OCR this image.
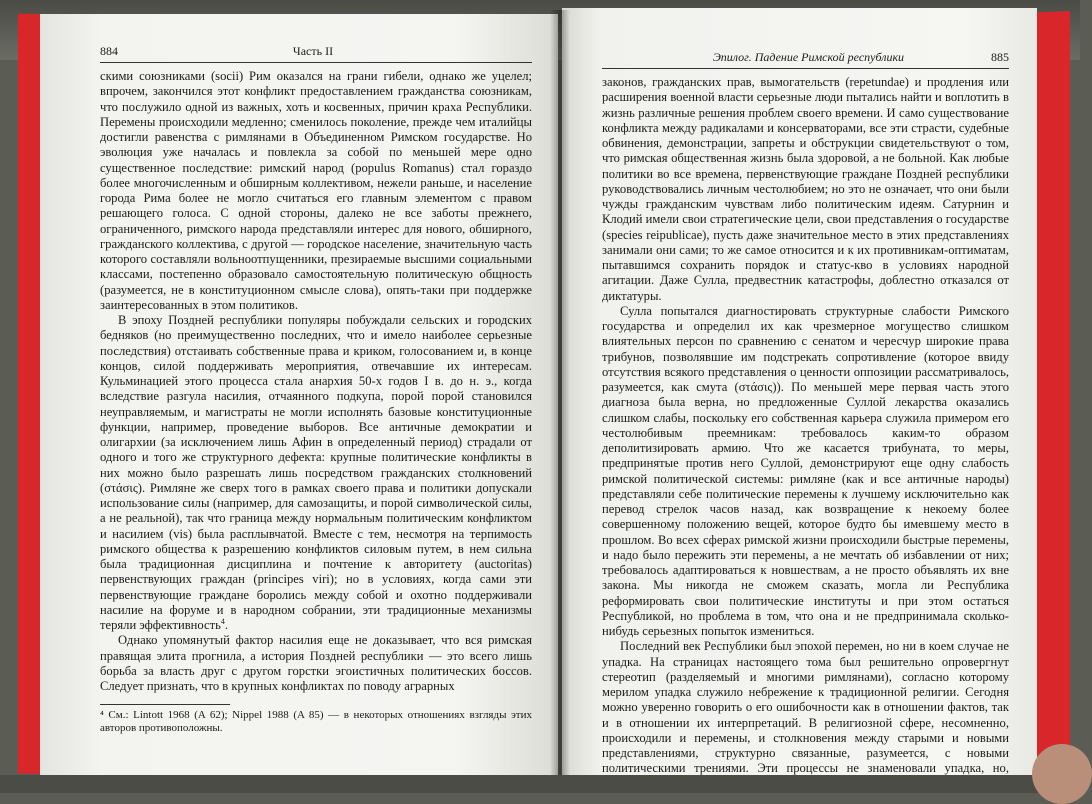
884	Часть II

скими союзниками (socii) Рим оказался на грани гибели, однако же уцелел; впрочем, закончился этот конфликт предоставлением гражданства союзникам, что послужило одной из важных, хоть и косвенных, причин краха Республики. Перемены происходили медленно; сменилось поколение, прежде чем италийцы достигли равенства с римлянами в Объединенном Римском государстве. Но эволюция уже началась и повлекла за собой по меньшей мере одно существенное последствие: римский народ (populus Romanus) стал гораздо более многочисленным и обширным коллективом, нежели раньше, и население города Рима более не могло считаться его главным элементом с правом решающего голоса. С одной стороны, далеко не все заботы прежнего, ограниченного, римского народа представляли интерес для нового, обширного, гражданского коллектива, с другой — городское население, значительную часть которого составляли вольноотпущенники, презираемые высшими социальными классами, постепенно образовало самостоятельную политическую общность (разумеется, не в конституционном смысле слова), опять-таки при поддержке заинтересованных в этом политиков.

В эпоху Поздней республики популяры побуждали сельских и городских бедняков (но преимущественно последних, что и имело наиболее серьезные последствия) отстаивать собственные права и криком, голосованием и, в конце концов, силой поддерживать мероприятия, отвечавшие их интересам. Кульминацией этого процесса стала анархия 50-х годов I в. до н. э., когда вследствие разгула насилия, отчаянного подкупа, порой порой становился неуправляемым, и магистраты не могли исполнять базовые конституционные функции, например, проведение выборов. Все античные демократии и олигархии (за исключением лишь Афин в определенный период) страдали от одного и того же структурного дефекта: крупные политические конфликты в них можно было разрешать лишь посредством гражданских столкновений (στάσις). Римляне же сверх того в рамках своего права и политики допускали использование силы (например, для самозащиты, и порой символической силы, а не реальной), так что граница между нормальным политическим конфликтом и насилием (vis) была расплывчатой. Вместе с тем, несмотря на терпимость римского общества к разрешению конфликтов силовым путем, в нем сильна была традиционная дисциплина и почтение к авторитету (auctoritas) первенствующих граждан (principes viri); но в условиях, когда сами эти первенствующие граждане боролись между собой и охотно поддерживали насилие на форуме и в народном собрании, эти традиционные механизмы теряли эффективность$^4$.

Однако упомянутый фактор насилия еще не доказывает, что вся римская правящая элита прогнила, а история Поздней республики — это всего лишь борьба за власть друг с другом горстки эгоистичных политических боссов. Следует признать, что в крупных конфликтах по поводу аграрных

⁴ См.: Lintott 1968 (A 62); Nippel 1988 (A 85) — в некоторых отношениях взгляды этих авторов противоположны.
Эпилог. Падение Римской республики	885

законов, гражданских прав, вымогательств (repetundae) и продления или расширения военной власти серьезные люди пытались найти и воплотить в жизнь различные решения проблем своего времени. И само существование конфликта между радикалами и консерваторами, все эти страсти, судебные обвинения, демонстрации, запреты и обструкции свидетельствуют о том, что римская общественная жизнь была здоровой, а не больной. Как любые политики во все времена, первенствующие граждане Поздней республики руководствовались личным честолюбием; но это не означает, что они были чужды гражданским чувствам либо политическим идеям. Сатурнин и Клодий имели свои стратегические цели, свои представления о государстве (species reipublicae), пусть даже значительное место в этих представлениях занимали они сами; то же самое относится и к их противникам-оптиматам, пытавшимся сохранить порядок и статус-кво в условиях народной агитации. Даже Сулла, предвестник катастрофы, доблестно отказался от диктатуры.

Сулла попытался диагностировать структурные слабости Римского государства и определил их как чрезмерное могущество слишком влиятельных персон по сравнению с сенатом и чересчур широкие права трибунов, позволявшие им подстрекать сопротивление (которое ввиду отсутствия всякого представления о ценности оппозиции рассматривалось, разумеется, как смута (στάσις)). По меньшей мере первая часть этого диагноза была верна, но предложенные Суллой лекарства оказались слишком слабы, поскольку его собственная карьера служила примером его честолюбивым преемникам: требовалось каким-то образом деполитизировать армию. Что же касается трибуната, то меры, предпринятые против него Суллой, демонстрируют еще одну слабость римской политической системы: римляне (как и все античные народы) представляли себе политические перемены к лучшему исключительно как перевод стрелок часов назад, как возвращение к некоему более совершенному положению вещей, которое будто бы имевшему место в прошлом. Во всех сферах римской жизни происходили быстрые перемены, и надо было пережить эти перемены, а не мечтать об избавлении от них; требовалось адаптироваться к новшествам, а не просто объявлять их вне закона. Мы никогда не сможем сказать, могла ли Республика реформировать свои политические институты и при этом остаться Республикой, но проблема в том, что она и не предпринимала сколько-нибудь серьезных попыток измениться.

Последний век Республики был эпохой перемен, но ни в коем случае не упадка. На страницах настоящего тома был решительно опровергнут стереотип (разделяемый и многими римлянами), согласно которому мерилом упадка служило небрежение к традиционной религии. Сегодня можно уверенно говорить о его ошибочности как в отношении фактов, так и в отношении их интерпретаций. В религиозной сфере, несомненно, происходили и перемены, и столкновения между старыми и новыми представлениями, структурно связанные, разумеется, с новыми политическими трениями. Эти процессы не знаменовали упадка, но,
